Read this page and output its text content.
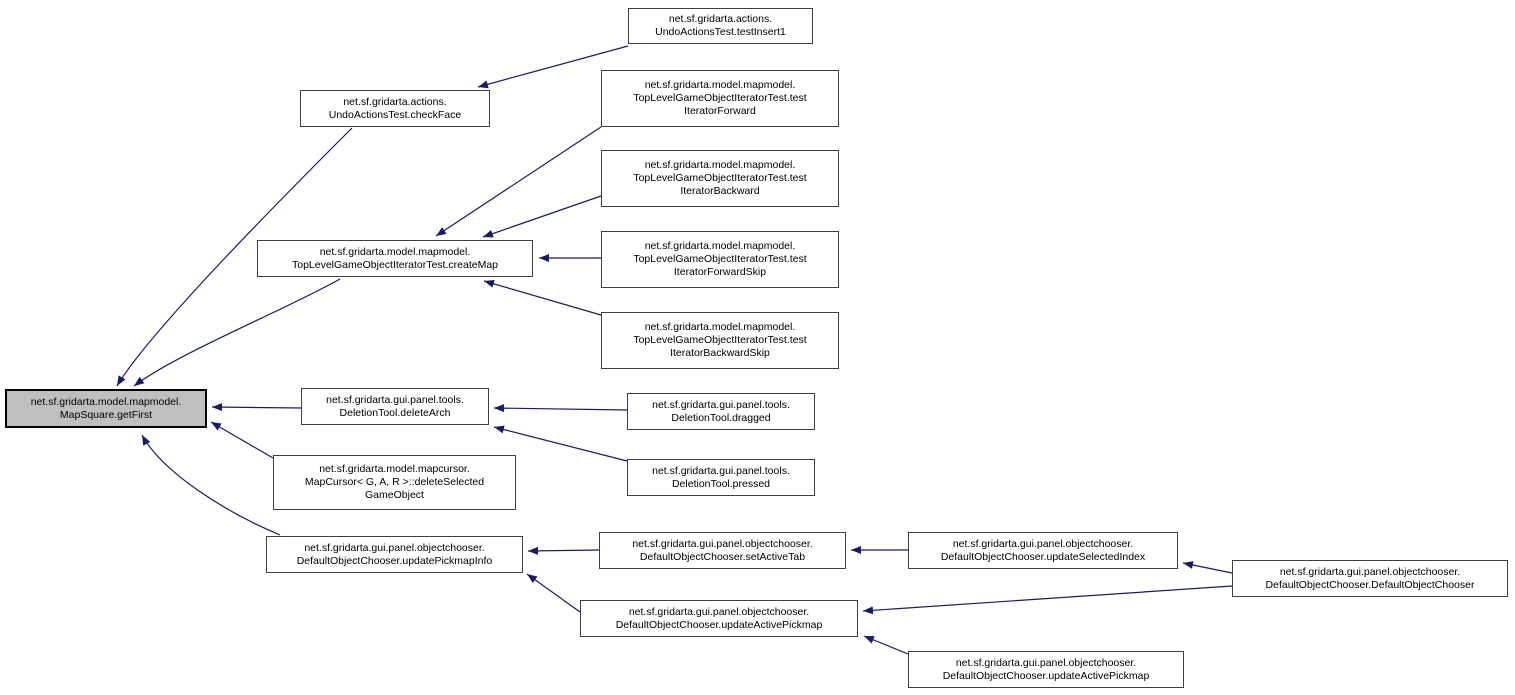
net.sf.gridarta.actions.
UndoActionsTest.testInsert1
net.sf.gridarta.actions.
UndoActionsTest.checkFace
net.sf.gridarta.model.mapmodel.
TopLevelGameObjectIteratorTest.test
IteratorForward
net.sf.gridarta.model.mapmodel.
TopLevelGameObjectIteratorTest.test
IteratorBackward
net.sf.gridarta.model.mapmodel.
TopLevelGameObjectIteratorTest.createMap
net.sf.gridarta.model.mapmodel.
TopLevelGameObjectIteratorTest.test
IteratorForwardSkip
net.sf.gridarta.model.mapmodel.
TopLevelGameObjectIteratorTest.test
IteratorBackwardSkip
net.sf.gridarta.model.mapmodel.
MapSquare.getFirst
net.sf.gridarta.gui.panel.tools.
DeletionTool.deleteArch
net.sf.gridarta.gui.panel.tools.
DeletionTool.dragged
net.sf.gridarta.gui.panel.tools.
DeletionTool.pressed
net.sf.gridarta.model.mapcursor.
MapCursor< G, A, R >::deleteSelected
GameObject
net.sf.gridarta.gui.panel.objectchooser.
DefaultObjectChooser.updatePickmapInfo
net.sf.gridarta.gui.panel.objectchooser.
DefaultObjectChooser.setActiveTab
net.sf.gridarta.gui.panel.objectchooser.
DefaultObjectChooser.updateSelectedIndex
net.sf.gridarta.gui.panel.objectchooser.
DefaultObjectChooser.DefaultObjectChooser
net.sf.gridarta.gui.panel.objectchooser.
DefaultObjectChooser.updateActivePickmap
net.sf.gridarta.gui.panel.objectchooser.
DefaultObjectChooser.updateActivePickmap
